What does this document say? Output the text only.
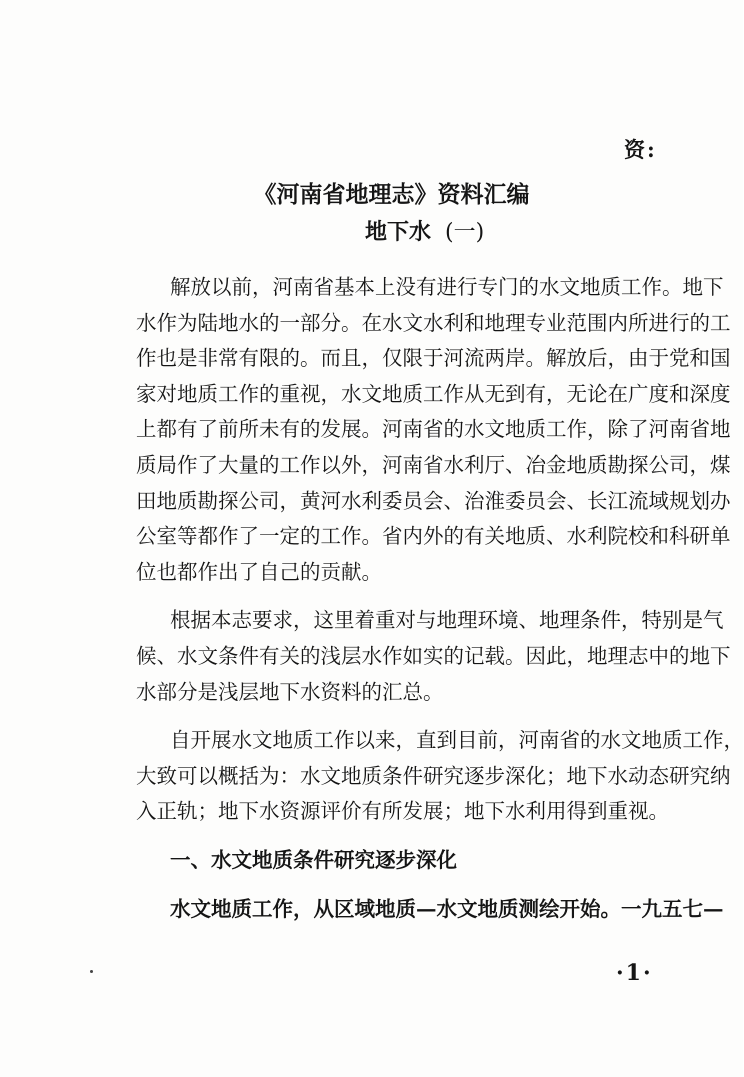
资:
《河南省地理志》资料汇编
地下水 (一)
解放以前，河南省基本上没有进行专门的水文地质工作。地下
水作为陆地水的一部分。在水文水利和地理专业范围内所进行的工
作也是非常有限的。而且，仅限于河流两岸。解放后，由于党和国
家对地质工作的重视，水文地质工作从无到有，无论在广度和深度
上都有了前所未有的发展。河南省的水文地质工作，除了河南省地
质局作了大量的工作以外，河南省水利厅、冶金地质勘探公司，煤
田地质勘探公司，黄河水利委员会、治淮委员会、长江流域规划办
公室等都作了一定的工作。省内外的有关地质、水利院校和科研单
位也都作出了自己的贡献。
根据本志要求，这里着重对与地理环境、地理条件，特别是气
候、水文条件有关的浅层水作如实的记载。因此，地理志中的地下
水部分是浅层地下水资料的汇总。
自开展水文地质工作以来，直到目前，河南省的水文地质工作，
大致可以概括为：水文地质条件研究逐步深化；地下水动态研究纳
入正轨；地下水资源评价有所发展；地下水利用得到重视。
一、水文地质条件研究逐步深化
水文地质工作，从区域地质—水文地质测绘开始。一九五七—
·1·
